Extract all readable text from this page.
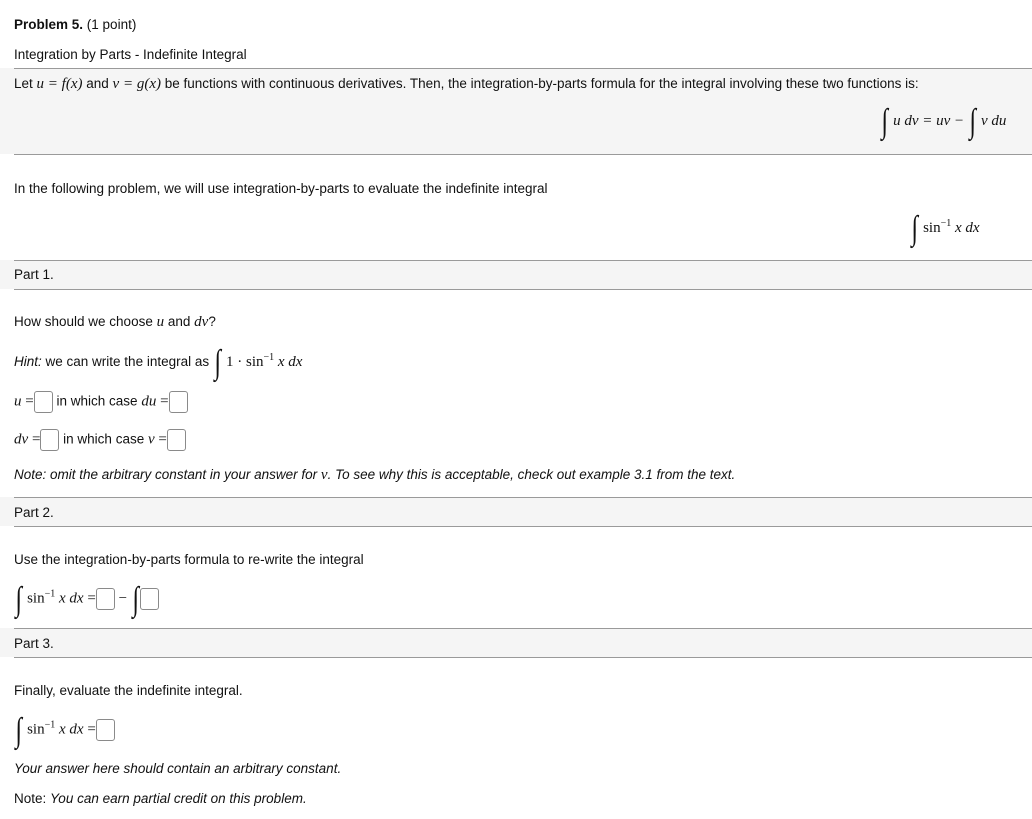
Problem 5. (1 point)
Integration by Parts - Indefinite Integral
Let u = f(x) and v = g(x) be functions with continuous derivatives. Then, the integration-by-parts formula for the integral involving these two functions is:
∫ u dv = uv − ∫ v du
In the following problem, we will use integration-by-parts to evaluate the indefinite integral
∫ $\sin^{-1} x$ dx
Part 1.
How should we choose u and dv?
Hint: we can write the integral as ∫ $1 \cdot \sin^{-1} x$ dx
u = in which case du =
dv = in which case v =
Note: omit the arbitrary constant in your answer for v. To see why this is acceptable, check out example 3.1 from the text.
Part 2.
Use the integration-by-parts formula to re-write the integral
∫ $\sin^{-1} x$ dx = − ∫
Part 3.
Finally, evaluate the indefinite integral.
∫ $\sin^{-1} x$ dx =
Your answer here should contain an arbitrary constant.
Note: You can earn partial credit on this problem.
